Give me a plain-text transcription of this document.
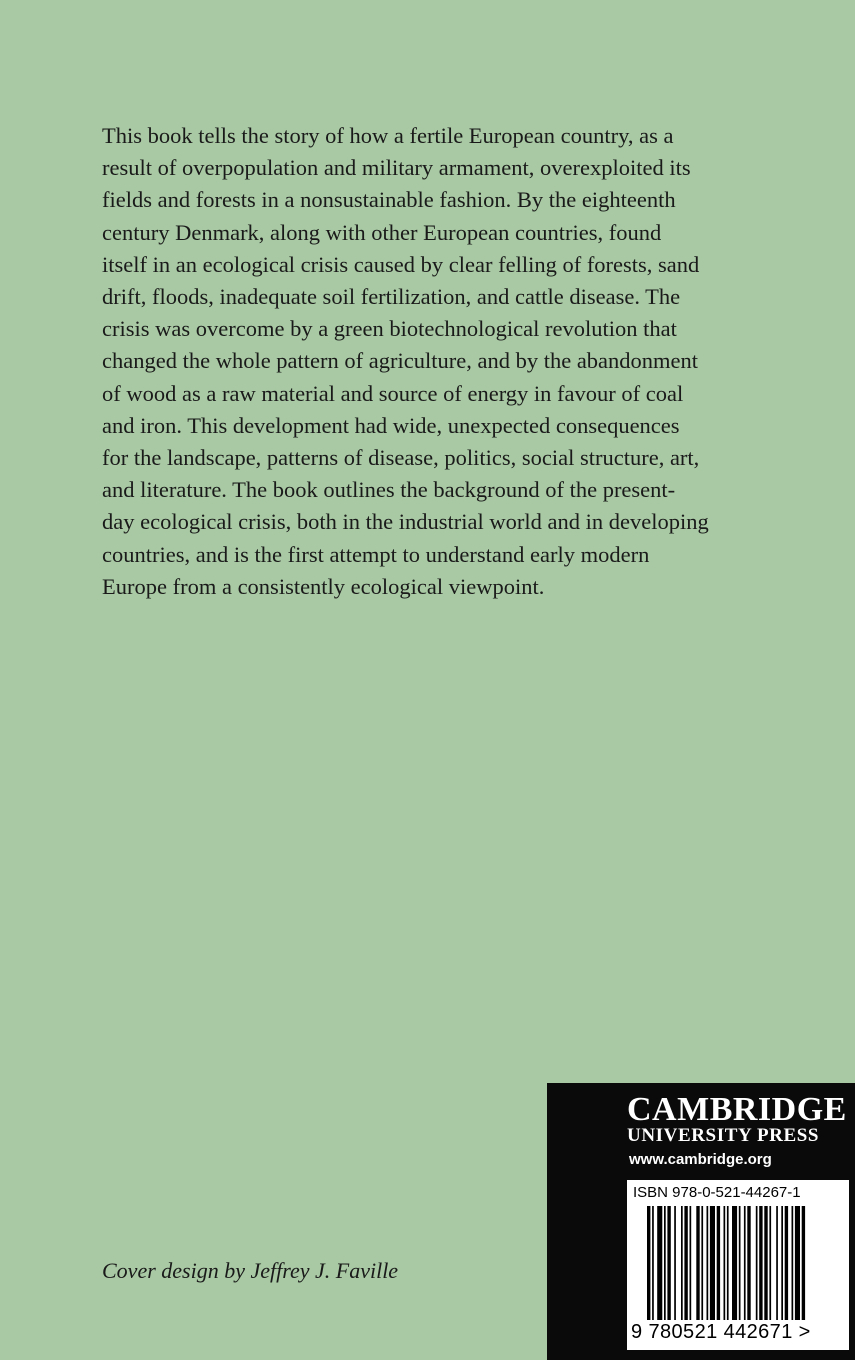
This book tells the story of how a fertile European country, as a
result of overpopulation and military armament, overexploited its
fields and forests in a nonsustainable fashion. By the eighteenth
century Denmark, along with other European countries, found
itself in an ecological crisis caused by clear felling of forests, sand
drift, floods, inadequate soil fertilization, and cattle disease. The
crisis was overcome by a green biotechnological revolution that
changed the whole pattern of agriculture, and by the abandonment
of wood as a raw material and source of energy in favour of coal
and iron. This development had wide, unexpected consequences
for the landscape, patterns of disease, politics, social structure, art,
and literature. The book outlines the background of the present-
day ecological crisis, both in the industrial world and in developing
countries, and is the first attempt to understand early modern
Europe from a consistently ecological viewpoint.

Cover design by Jeffrey J. Faville

CAMBRIDGE
UNIVERSITY PRESS
www.cambridge.org
ISBN 978-0-521-44267-1
9 780521 442671 >
